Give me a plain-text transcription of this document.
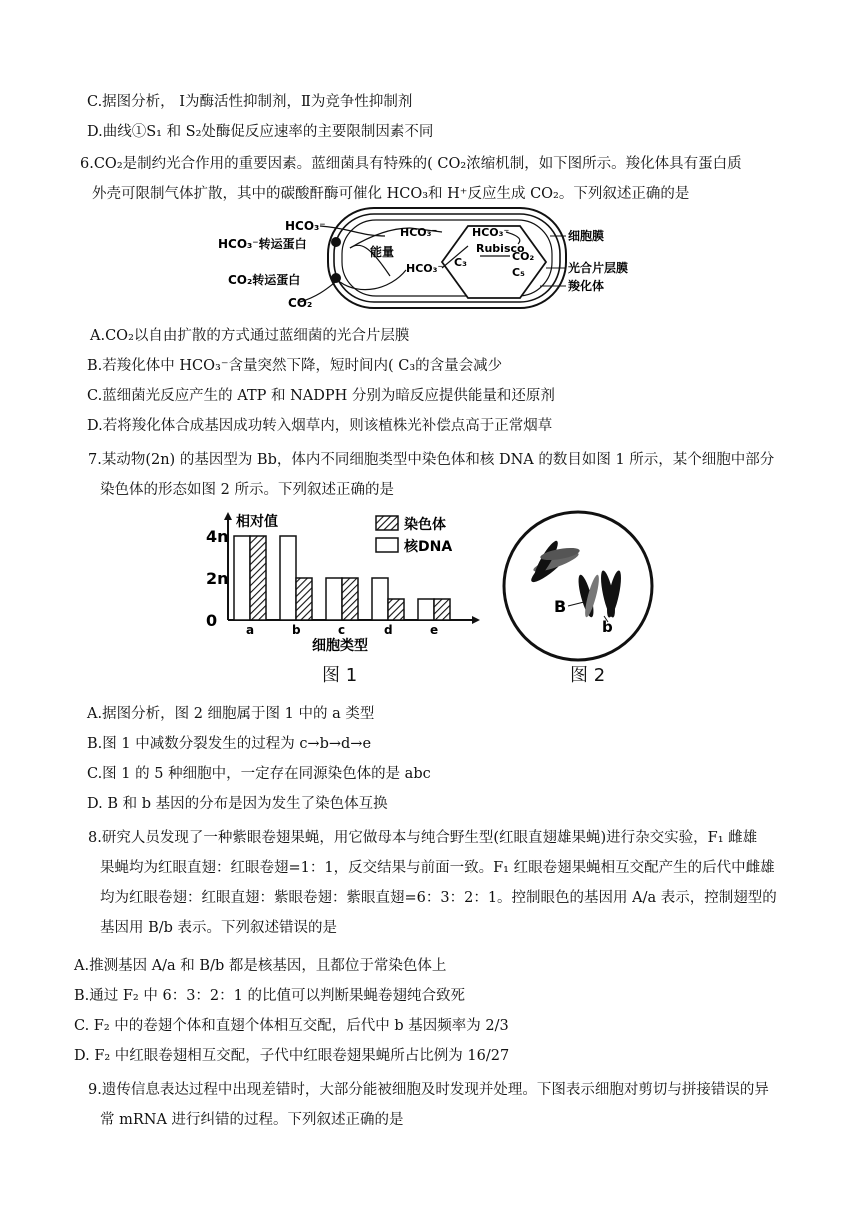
C.据图分析， Ⅰ为酶活性抑制剂，Ⅱ为竞争性抑制剂
D.曲线①S₁ 和 S₂处酶促反应速率的主要限制因素不同
6.CO₂是制约光合作用的重要因素。蓝细菌具有特殊的( CO₂浓缩机制，如下图所示。羧化体具有蛋白质
外壳可限制气体扩散，其中的碳酸酐酶可催化 HCO₃和 H⁺反应生成 CO₂。下列叙述正确的是
HCO₃⁻
HCO₃⁻转运蛋白
CO₂转运蛋白
CO₂
能量
HCO₃⁻
HCO₃⁻
HCO₃⁻
Rubisco
C₃	CO₂
C₅
细胞膜
光合片层膜
羧化体
A.CO₂以自由扩散的方式通过蓝细菌的光合片层膜
B.若羧化体中 HCO₃⁻含量突然下降，短时间内( C₃的含量会减少
C.蓝细菌光反应产生的 ATP 和 NADPH 分别为暗反应提供能量和还原剂
D.若将羧化体合成基因成功转入烟草内，则该植株光补偿点高于正常烟草
7.某动物(2n) 的基因型为 Bb，体内不同细胞类型中染色体和核 DNA 的数目如图 1 所示，某个细胞中部分
染色体的形态如图 2 所示。下列叙述正确的是
0
2n
4n
相对值
a	b	c	d	e
细胞类型
染色体
核DNA
图 1
B
b
图 2
A.据图分析，图 2 细胞属于图 1 中的 a 类型
B.图 1 中减数分裂发生的过程为 c→b→d→e
C.图 1 的 5 种细胞中，一定存在同源染色体的是 abc
D. B 和 b 基因的分布是因为发生了染色体互换
8.研究人员发现了一种紫眼卷翅果蝇，用它做母本与纯合野生型(红眼直翅雄果蝇)进行杂交实验，F₁ 雌雄
果蝇均为红眼直翅：红眼卷翅=1：1，反交结果与前面一致。F₁ 红眼卷翅果蝇相互交配产生的后代中雌雄
均为红眼卷翅：红眼直翅：紫眼卷翅：紫眼直翅=6：3：2：1。控制眼色的基因用 A/a 表示，控制翅型的
基因用 B/b 表示。下列叙述错误的是
A.推测基因 A/a 和 B/b 都是核基因，且都位于常染色体上
B.通过 F₂ 中 6：3：2：1 的比值可以判断果蝇卷翅纯合致死
C. F₂ 中的卷翅个体和直翅个体相互交配，后代中 b 基因频率为 2/3
D. F₂ 中红眼卷翅相互交配，子代中红眼卷翅果蝇所占比例为 16/27
9.遗传信息表达过程中出现差错时，大部分能被细胞及时发现并处理。下图表示细胞对剪切与拼接错误的异
常 mRNA 进行纠错的过程。下列叙述正确的是
